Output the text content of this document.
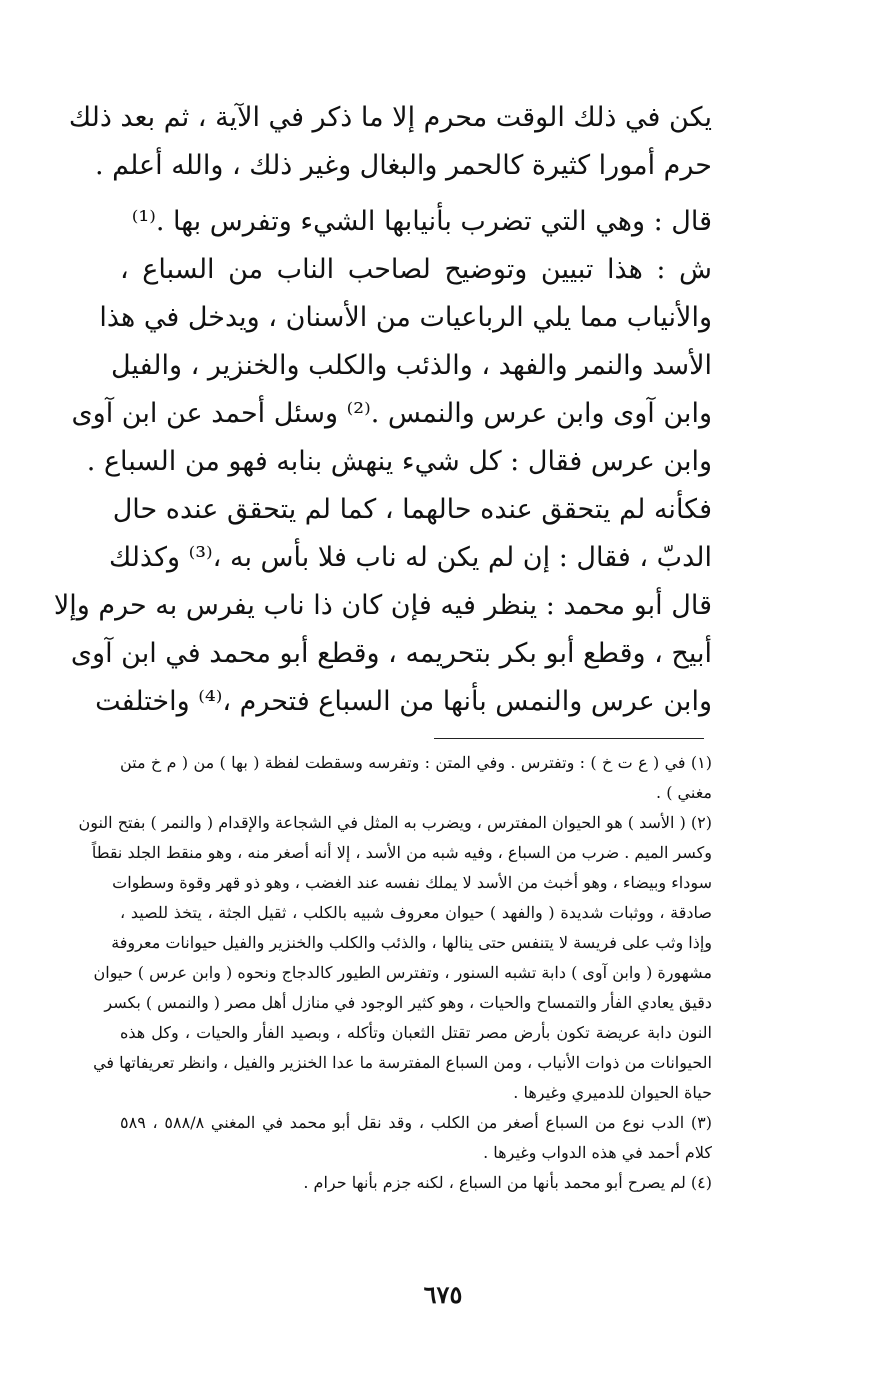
يكن في ذلك الوقت محرم إلا ما ذكر في الآية ، ثم بعد ذلك
حرم أمورا كثيرة كالحمر والبغال وغير ذلك ، والله أعلم .
قال : وهي التي تضرب بأنيابها الشيء وتفرس بها .⁽¹⁾
ش : هذا تبيين وتوضيح لصاحب الناب من السباع ،
والأنياب مما يلي الرباعيات من الأسنان ، ويدخل في هذا
الأسد والنمر والفهد ، والذئب والكلب والخنزير ، والفيل
وابن آوى وابن عرس والنمس .⁽²⁾ وسئل أحمد عن ابن آوى
وابن عرس فقال : كل شيء ينهش بنابه فهو من السباع .
فكأنه لم يتحقق عنده حالهما ، كما لم يتحقق عنده حال
الدبّ ، فقال : إن لم يكن له ناب فلا بأس به ،⁽³⁾ وكذلك
قال أبو محمد : ينظر فيه فإن كان ذا ناب يفرس به حرم وإلا
أبيح ، وقطع أبو بكر بتحريمه ، وقطع أبو محمد في ابن آوى
وابن عرس والنمس بأنها من السباع فتحرم ،⁽⁴⁾ واختلفت
(١) في ( ع ت خ ) : وتفترس . وفي المتن : وتفرسه وسقطت لفظة ( بها ) من ( م خ متن
مغني ) .
(٢) ( الأسد ) هو الحيوان المفترس ، ويضرب به المثل في الشجاعة والإقدام ( والنمر ) بفتح النون
وكسر الميم . ضرب من السباع ، وفيه شبه من الأسد ، إلا أنه أصغر منه ، وهو منقط الجلد نقطاً
سوداء وبيضاء ، وهو أخبث من الأسد لا يملك نفسه عند الغضب ، وهو ذو قهر وقوة وسطوات
صادقة ، ووثبات شديدة ( والفهد ) حيوان معروف شبيه بالكلب ، ثقيل الجثة ، يتخذ للصيد ،
وإذا وثب على فريسة لا يتنفس حتى ينالها ، والذئب والكلب والخنزير والفيل حيوانات معروفة
مشهورة ( وابن آوى ) دابة تشبه السنور ، وتفترس الطيور كالدجاج ونحوه ( وابن عرس ) حيوان
دقيق يعادي الفأر والتمساح والحيات ، وهو كثير الوجود في منازل أهل مصر ( والنمس ) بكسر
النون دابة عريضة تكون بأرض مصر تقتل الثعبان وتأكله ، وبصيد الفأر والحيات ، وكل هذه
الحيوانات من ذوات الأنياب ، ومن السباع المفترسة ما عدا الخنزير والفيل ، وانظر تعريفاتها في
حياة الحيوان للدميري وغيرها .
(٣) الدب نوع من السباع أصغر من الكلب ، وقد نقل أبو محمد في المغني ٥٨٨/٨ ، ٥٨٩
كلام أحمد في هذه الدواب وغيرها .
(٤) لم يصرح أبو محمد بأنها من السباع ، لكنه جزم بأنها حرام .
٦٧٥
